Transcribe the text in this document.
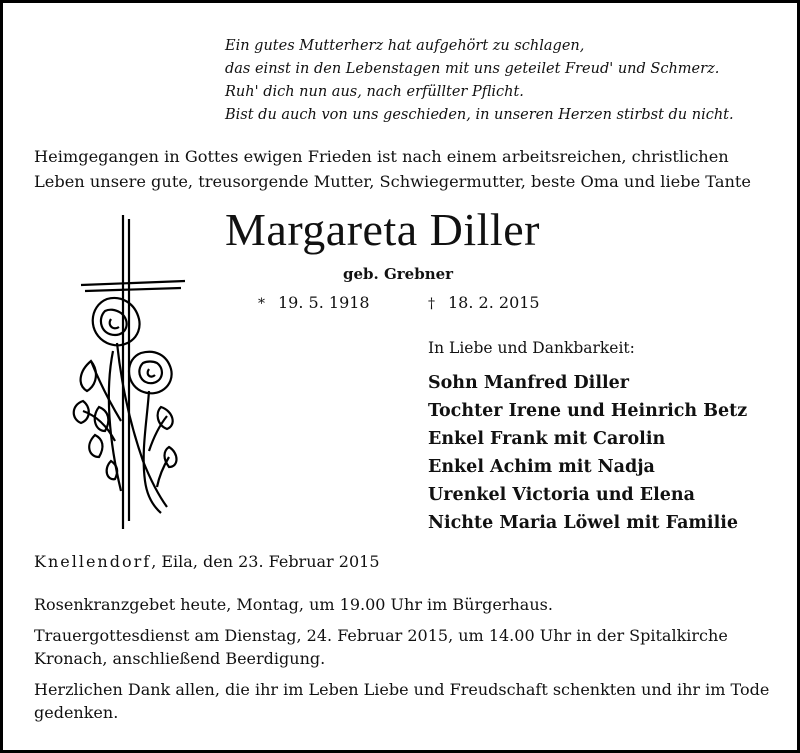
Ein gutes Mutterherz hat aufgehört zu schlagen,
das einst in den Lebenstagen mit uns geteilet Freud' und Schmerz.
Ruh' dich nun aus, nach erfüllter Pflicht.
Bist du auch von uns geschieden, in unseren Herzen stirbst du nicht.
Heimgegangen in Gottes ewigen Frieden ist nach einem arbeitsreichen, christlichen
Leben unsere gute, treusorgende Mutter, Schwiegermutter, beste Oma und liebe Tante
Margareta Diller
geb. Grebner
* 19. 5. 1918	† 18. 2. 2015
In Liebe und Dankbarkeit:
Sohn Manfred Diller
Tochter Irene und Heinrich Betz
Enkel Frank mit Carolin
Enkel Achim mit Nadja
Urenkel Victoria und Elena
Nichte Maria Löwel mit Familie
Knellendorf, Eila, den 23. Februar 2015
Rosenkranzgebet heute, Montag, um 19.00 Uhr im Bürgerhaus.
Trauergottesdienst am Dienstag, 24. Februar 2015, um 14.00 Uhr in der Spitalkirche
Kronach, anschließend Beerdigung.
Herzlichen Dank allen, die ihr im Leben Liebe und Freudschaft schenkten und ihr im Tode
gedenken.
